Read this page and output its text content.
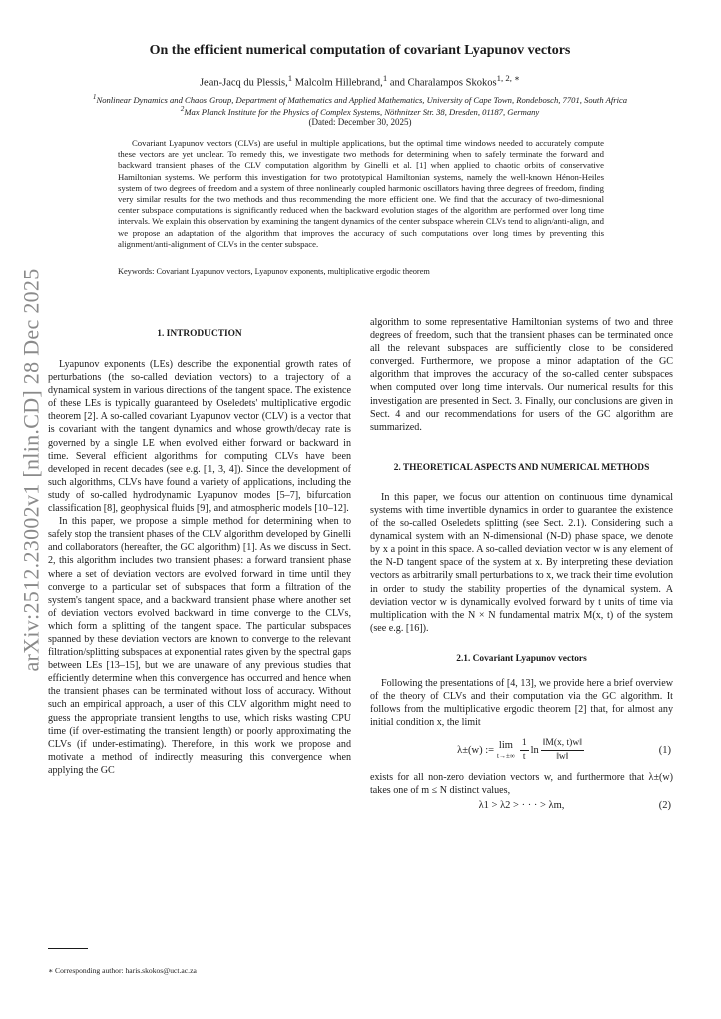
arXiv:2512.23002v1 [nlin.CD] 28 Dec 2025
On the efficient numerical computation of covariant Lyapunov vectors
Jean-Jacq du Plessis,$^1$ Malcolm Hillebrand,$^1$ and Charalampos Skokos$^{1, 2, ∗}$
$^1$Nonlinear Dynamics and Chaos Group, Department of Mathematics and Applied Mathematics, University of Cape Town, Rondebosch, 7701, South Africa
$^2$Max Planck Institute for the Physics of Complex Systems, Nöthnitzer Str. 38, Dresden, 01187, Germany
(Dated: December 30, 2025)

Covariant Lyapunov vectors (CLVs) are useful in multiple applications, but the optimal time windows needed to accurately compute these vectors are yet unclear. To remedy this, we investigate two methods for determining when to safely terminate the forward and backward transient phases of the CLV computation algorithm by Ginelli et al. [1] when applied to chaotic orbits of conservative Hamiltonian systems. We perform this investigation for two prototypical Hamiltonian systems, namely the well-known Hénon-Heiles system of two degrees of freedom and a system of three nonlinearly coupled harmonic oscillators having three degrees of freedom, finding very similar results for the two methods and thus recommending the more efficient one. We find that the accuracy of two-dimesnional center subspace computations is significantly reduced when the backward evolution stages of the algorithm are performed over long time intervals. We explain this observation by examining the tangent dynamics of the center subspace wherein CLVs tend to align/anti-align, and we propose an adaptation of the algorithm that improves the accuracy of such computations over long times by preventing this alignment/anti-alignment of CLVs in the center subspace.

Keywords: Covariant Lyapunov vectors, Lyapunov exponents, multiplicative ergodic theorem
1. INTRODUCTION

Lyapunov exponents (LEs) describe the exponential growth rates of perturbations (the so-called deviation vectors) to a trajectory of a dynamical system in various directions of the tangent space. The existence of these LEs is typically guaranteed by Oseledets' multiplicative ergodic theorem [2]. A so-called covariant Lyapunov vector (CLV) is a vector that is covariant with the tangent dynamics and whose growth/decay rate is governed by a single LE when evolved either forward or backward in time. Several efficient algorithms for computing CLVs have been developed in recent decades (see e.g. [1, 3, 4]). Since the development of such algorithms, CLVs have found a variety of applications, including the study of so-called hydrodynamic Lyapunov modes [5–7], bifurcation classification [8], geophysical fluids [9], and atmospheric models [10–12].

In this paper, we propose a simple method for determining when to safely stop the transient phases of the CLV algorithm developed by Ginelli and collaborators (hereafter, the GC algorithm) [1]. As we discuss in Sect. 2, this algorithm includes two transient phases: a forward transient phase where a set of deviation vectors are evolved forward in time until they converge to a particular set of subspaces that form a filtration of the system's tangent space, and a backward transient phase where another set of deviation vectors evolved backward in time converge to the CLVs, which form a splitting of the tangent space. The particular subspaces spanned by these deviation vectors are known to converge to the relevant filtration/splitting subspaces at exponential rates given by the spectral gaps between LEs [13–15], but we are unaware of any previous studies that efficiently determine when this convergence has occurred and hence when the transient phases can be terminated without loss of accuracy. Without such an empirical approach, a user of this CLV algorithm might need to guess the appropriate transient lengths to use, which risks wasting CPU time (if over-estimating the transient length) or poorly approximating the CLVs (if under-estimating). Therefore, in this work we propose and motivate a method of indirectly measuring this convergence when applying the GC

algorithm to some representative Hamiltonian systems of two and three degrees of freedom, such that the transient phases can be terminated once all the relevant subspaces are sufficiently close to be considered converged. Furthermore, we propose a minor adaptation of the GC algorithm that improves the accuracy of the so-called center subspaces when computed over long time intervals. Our numerical results for this investigation are presented in Sect. 3. Finally, our conclusions are given in Sect. 4 and our recommendations for users of the GC algorithm are summarized.

2. THEORETICAL ASPECTS AND NUMERICAL METHODS

In this paper, we focus our attention on continuous time dynamical systems with time invertible dynamics in order to guarantee the existence of the so-called Oseledets splitting (see Sect. 2.1). Considering such a dynamical system with an N-dimensional (N-D) phase space, we denote by x a point in this space. A so-called deviation vector w is any element of the N-D tangent space of the system at x. By interpreting these deviation vectors as arbitrarily small perturbations to x, we track their time evolution in order to study the stability properties of the dynamical system. A deviation vector w is dynamically evolved forward by t units of time via multiplication with the N × N fundamental matrix M(x, t) of the system (see e.g. [16]).

2.1. Covariant Lyapunov vectors

Following the presentations of [4, 13], we provide here a brief overview of the theory of CLVs and their computation via the GC algorithm. It follows from the multiplicative ergodic theorem [2] that, for almost any initial condition x, the limit

λ±(w) := lim
$t\to\pm\infty \frac{1}{t}$ $\ln \frac{‖M(x, t)w‖}{‖w‖}$	(1)

exists for all non-zero deviation vectors w, and furthermore that λ±(w) takes one of m ≤ N distinct values,

λ1 > λ2 > · · · > λm,	(2)
∗ Corresponding author: haris.skokos@uct.ac.za
